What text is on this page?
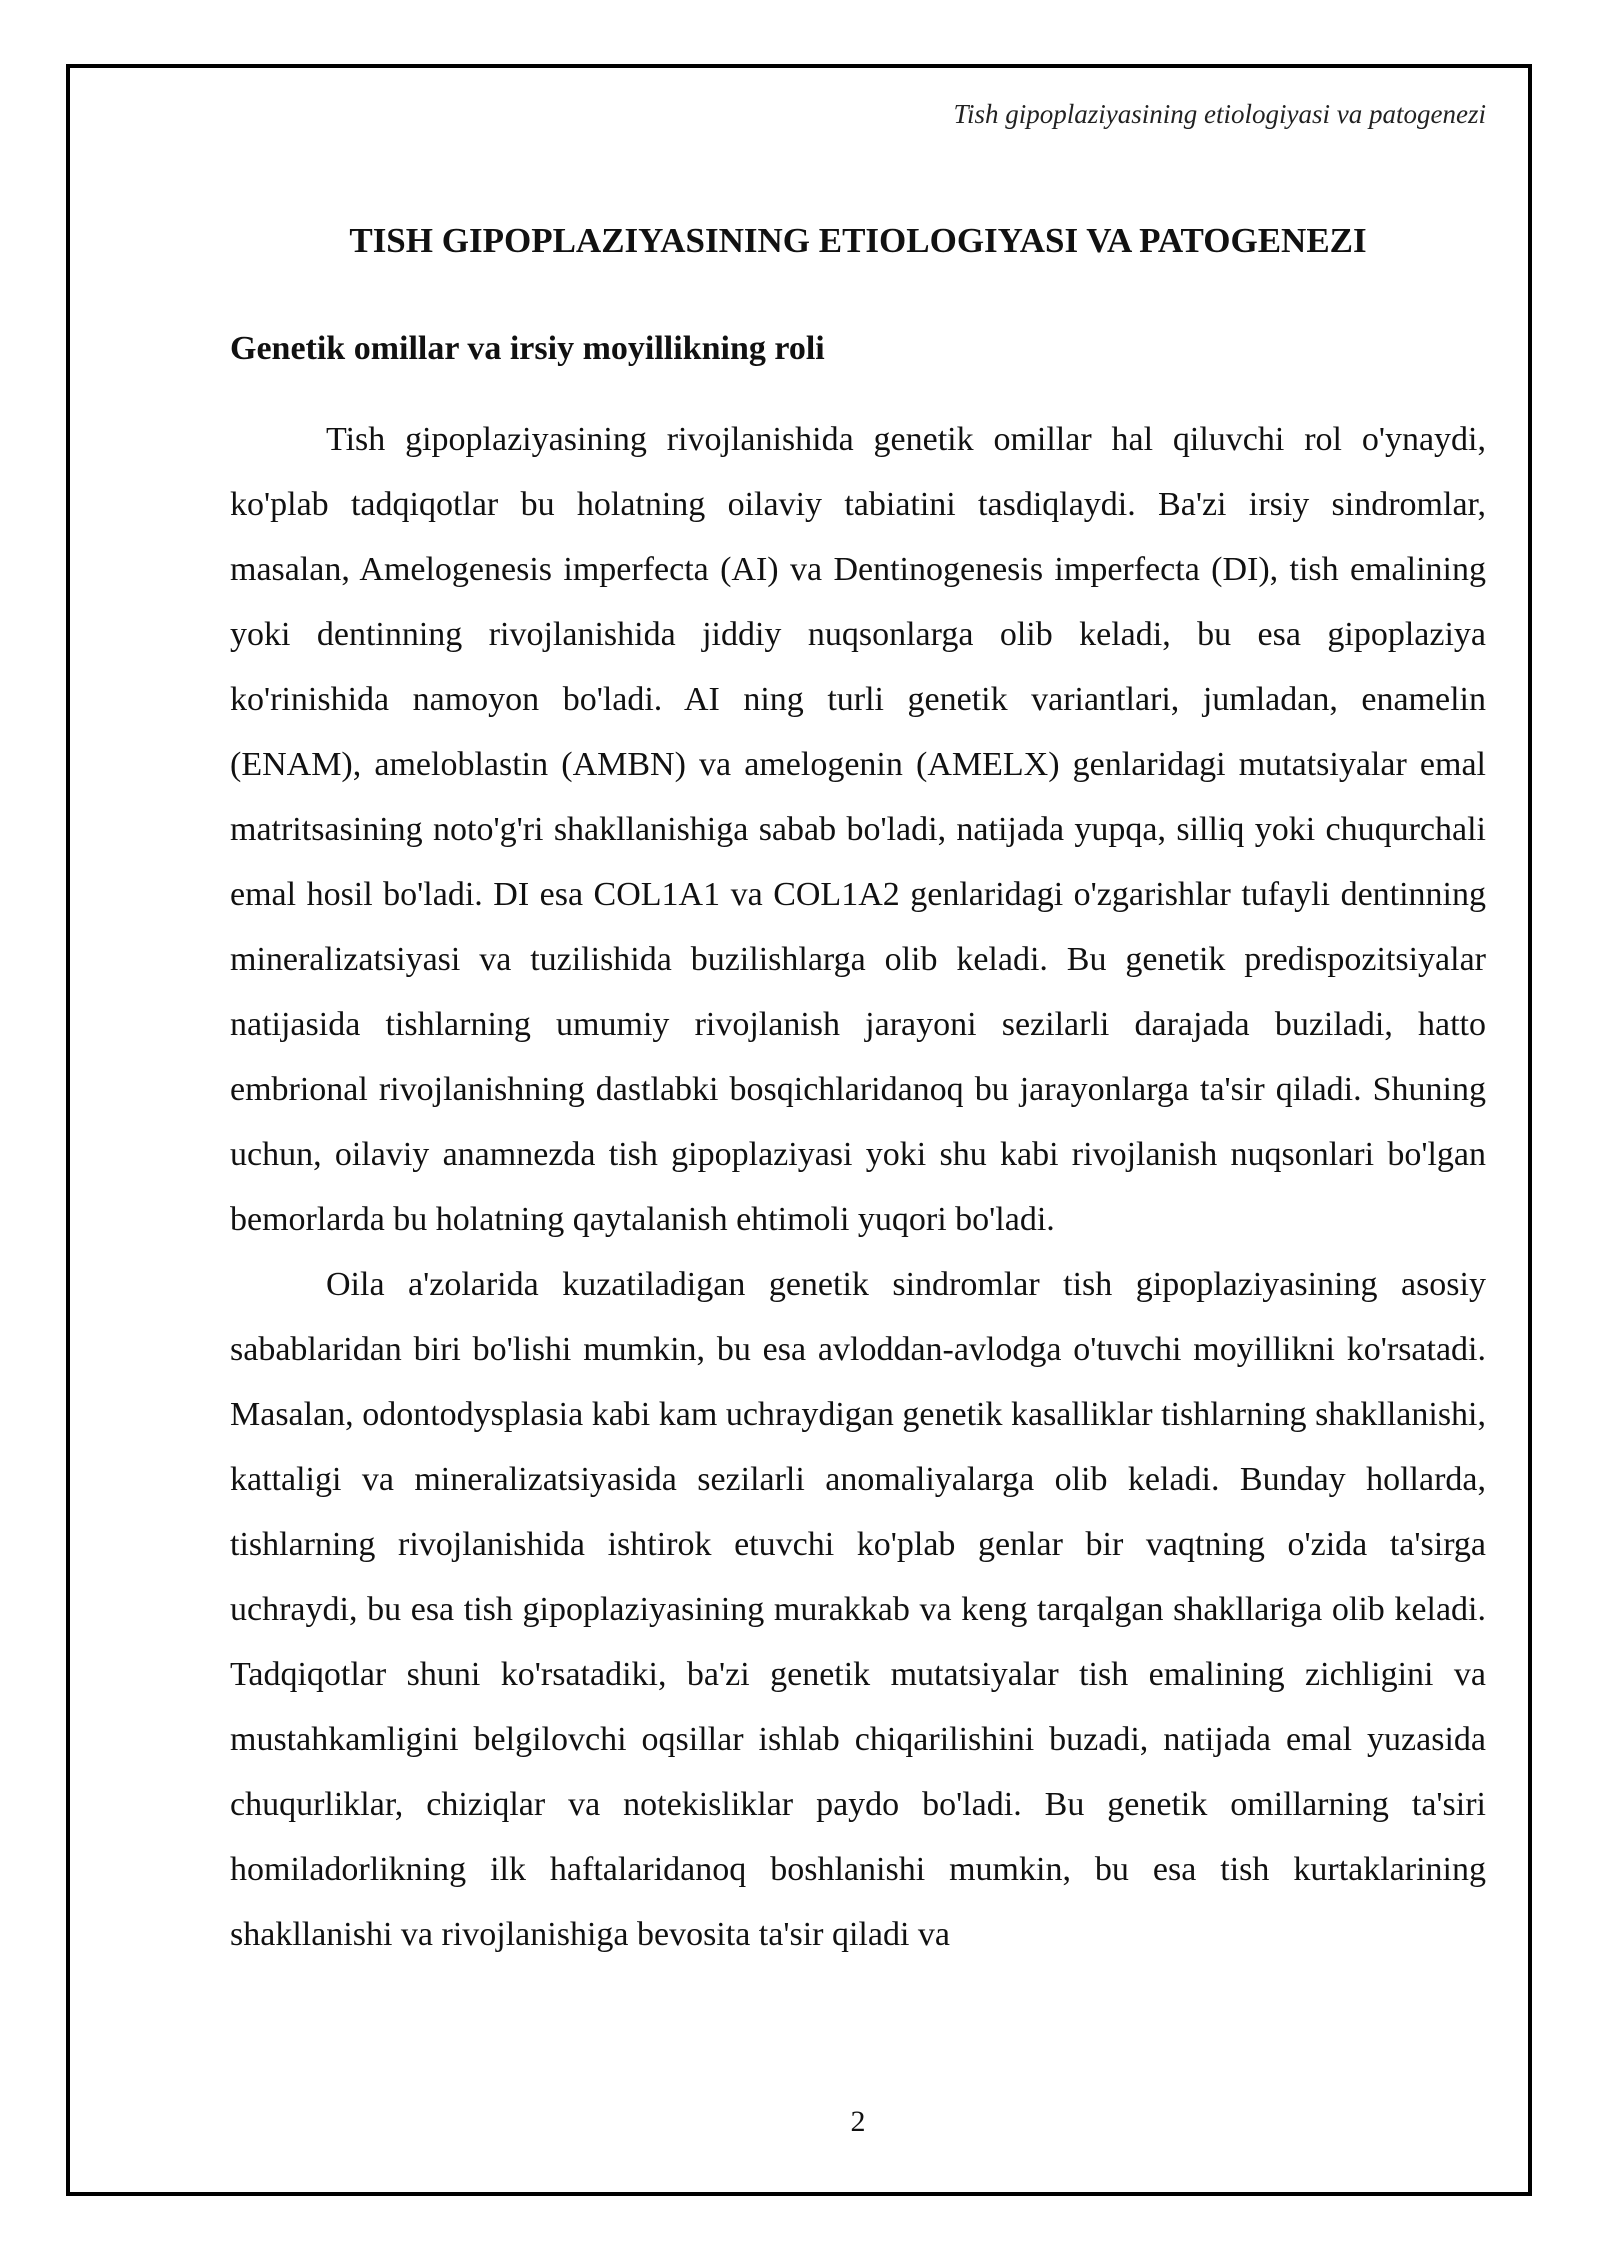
Tish gipoplaziyasining etiologiyasi va patogenezi
TISH GIPOPLAZIYASINING ETIOLOGIYASI VA PATOGENEZI
Genetik omillar va irsiy moyillikning roli

Tish gipoplaziyasining rivojlanishida genetik omillar hal qiluvchi rol o'ynaydi, ko'plab tadqiqotlar bu holatning oilaviy tabiatini tasdiqlaydi. Ba'zi irsiy sindromlar, masalan, Amelogenesis imperfecta (AI) va Dentinogenesis imperfecta (DI), tish emalining yoki dentinning rivojlanishida jiddiy nuqsonlarga olib keladi, bu esa gipoplaziya ko'rinishida namoyon bo'ladi. AI ning turli genetik variantlari, jumladan, enamelin (ENAM), ameloblastin (AMBN) va amelogenin (AMELX) genlaridagi mutatsiyalar emal matritsasining noto'g'ri shakllanishiga sabab bo'ladi, natijada yupqa, silliq yoki chuqurchali emal hosil bo'ladi. DI esa COL1A1 va COL1A2 genlaridagi o'zgarishlar tufayli dentinning mineralizatsiyasi va tuzilishida buzilishlarga olib keladi. Bu genetik predispozitsiyalar natijasida tishlarning umumiy rivojlanish jarayoni sezilarli darajada buziladi, hatto embrional rivojlanishning dastlabki bosqichlaridanoq bu jarayonlarga ta'sir qiladi. Shuning uchun, oilaviy anamnezda tish gipoplaziyasi yoki shu kabi rivojlanish nuqsonlari bo'lgan bemorlarda bu holatning qaytalanish ehtimoli yuqori bo'ladi.

Oila a'zolarida kuzatiladigan genetik sindromlar tish gipoplaziyasining asosiy sabablaridan biri bo'lishi mumkin, bu esa avloddan-avlodga o'tuvchi moyillikni ko'rsatadi. Masalan, odontodysplasia kabi kam uchraydigan genetik kasalliklar tishlarning shakllanishi, kattaligi va mineralizatsiyasida sezilarli anomaliyalarga olib keladi. Bunday hollarda, tishlarning rivojlanishida ishtirok etuvchi ko'plab genlar bir vaqtning o'zida ta'sirga uchraydi, bu esa tish gipoplaziyasining murakkab va keng tarqalgan shakllariga olib keladi. Tadqiqotlar shuni ko'rsatadiki, ba'zi genetik mutatsiyalar tish emalining zichligini va mustahkamligini belgilovchi oqsillar ishlab chiqarilishini buzadi, natijada emal yuzasida chuqurliklar, chiziqlar va notekisliklar paydo bo'ladi. Bu genetik omillarning ta'siri homiladorlikning ilk haftalaridanoq boshlanishi mumkin, bu esa tish kurtaklarining shakllanishi va rivojlanishiga bevosita ta'sir qiladi va

2
